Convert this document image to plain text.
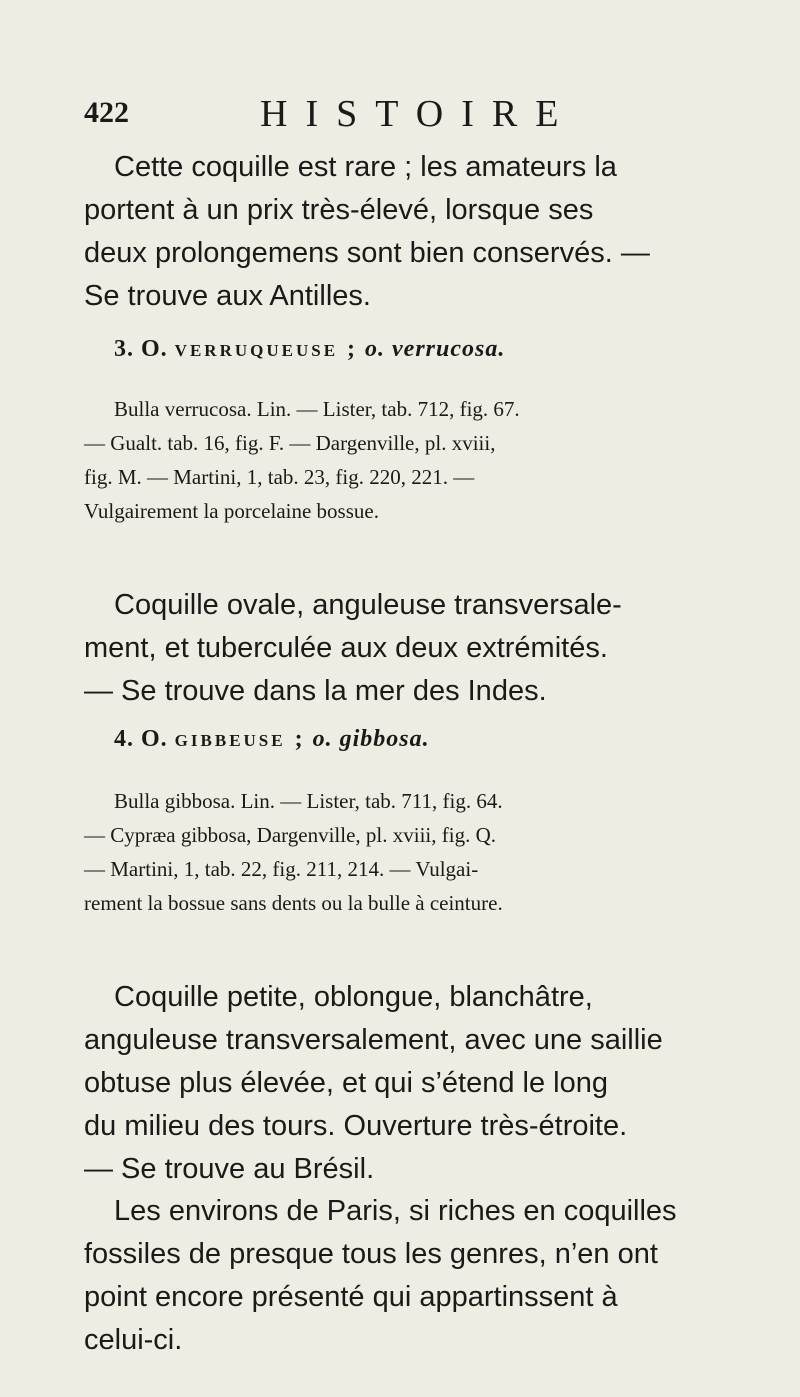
422	HISTOIRE
Cette coquille est rare ; les amateurs la
portent à un prix très-élevé, lorsque ses
deux prolongemens sont bien conservés. —
Se trouve aux Antilles.
3. O. verruqueuse ; o. verrucosa.
Bulla verrucosa. Lin. — Lister, tab. 712, fig. 67.
— Gualt. tab. 16, fig. F. — Dargenville, pl. xviii,
fig. M. — Martini, 1, tab. 23, fig. 220, 221. —
Vulgairement la porcelaine bossue.
Coquille ovale, anguleuse transversale-
ment, et tuberculée aux deux extrémités.
— Se trouve dans la mer des Indes.
4. O. gibbeuse ; o. gibbosa.
Bulla gibbosa. Lin. — Lister, tab. 711, fig. 64.
— Cypræa gibbosa, Dargenville, pl. xviii, fig. Q.
— Martini, 1, tab. 22, fig. 211, 214. — Vulgai-
rement la bossue sans dents ou la bulle à ceinture.
Coquille petite, oblongue, blanchâtre,
anguleuse transversalement, avec une saillie
obtuse plus élevée, et qui s’étend le long
du milieu des tours. Ouverture très-étroite.
— Se trouve au Brésil.
Les environs de Paris, si riches en coquilles
fossiles de presque tous les genres, n’en ont
point encore présenté qui appartinssent à
celui-ci.
